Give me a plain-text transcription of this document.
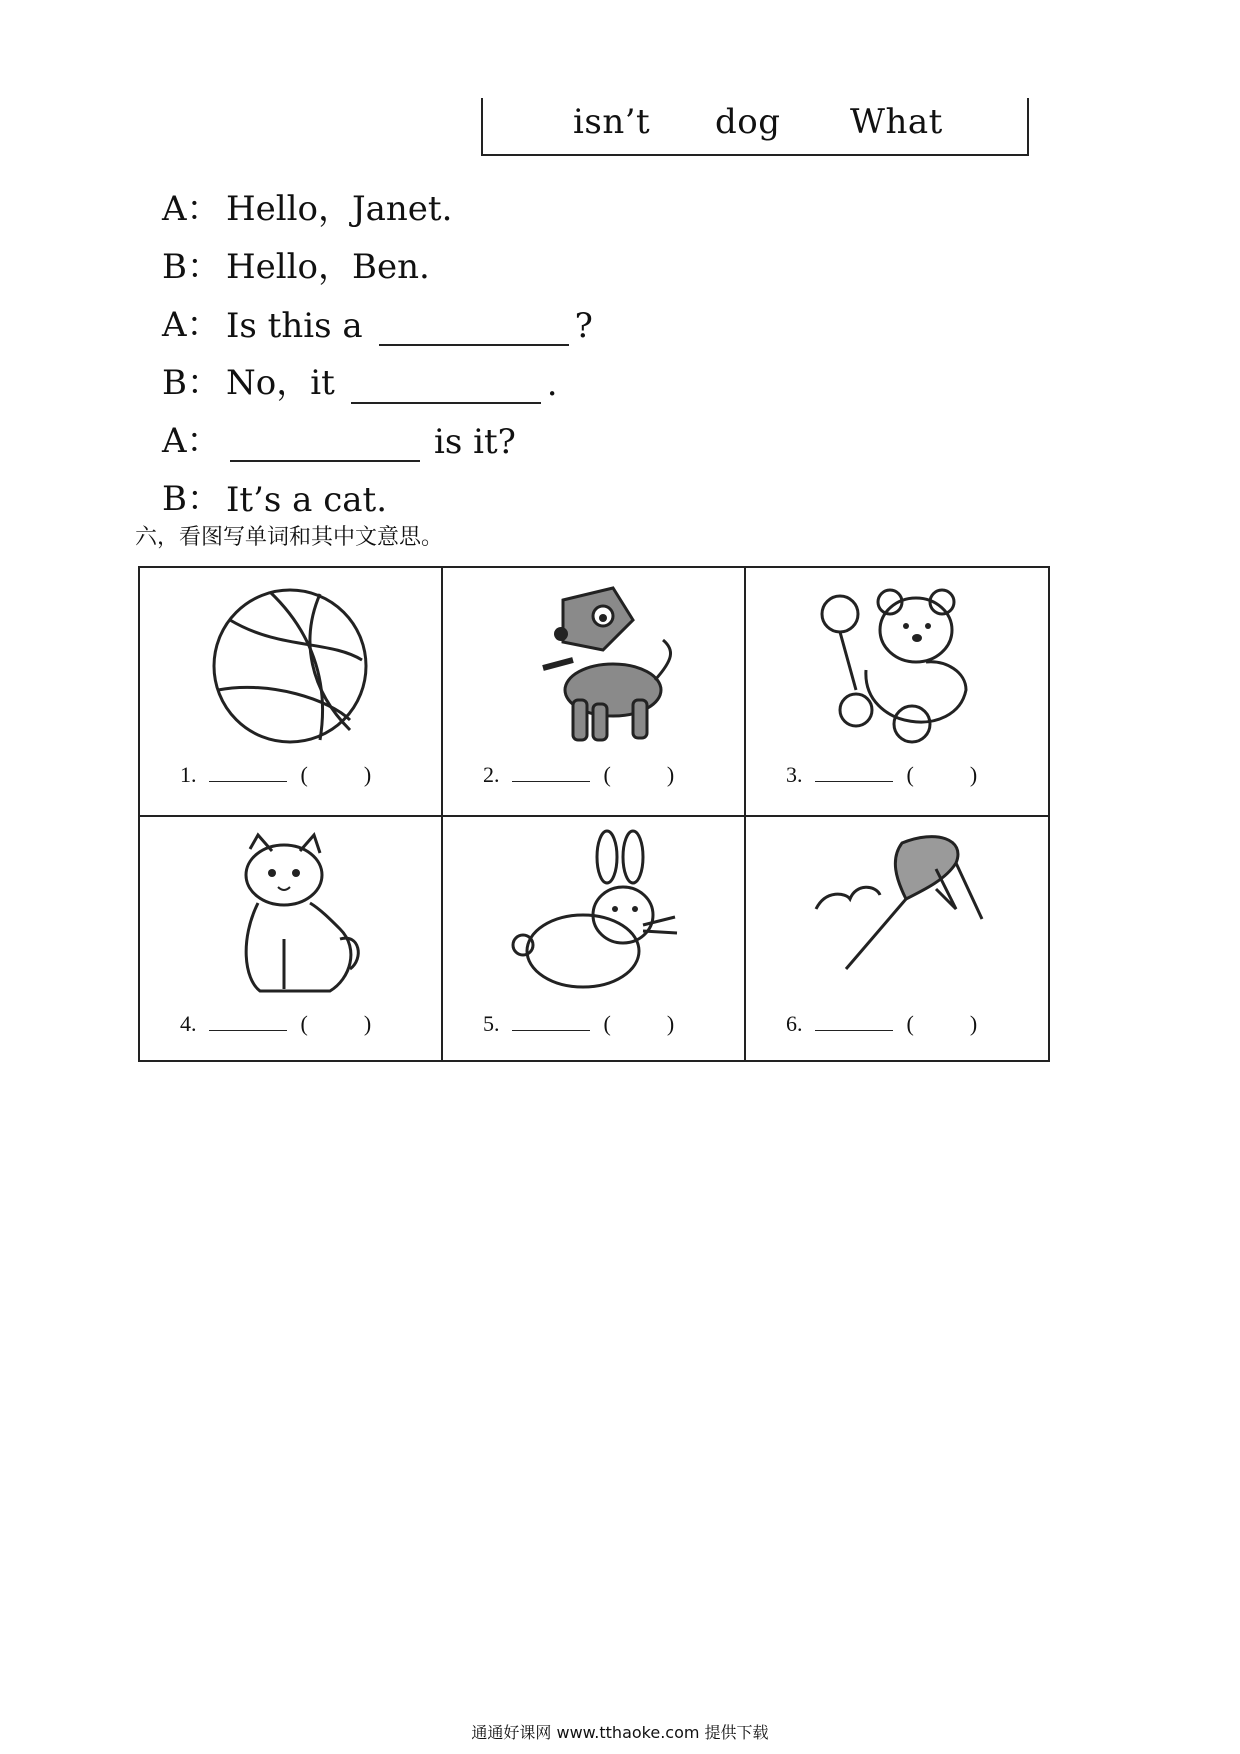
isn’t dog What
A： Hello，Janet.
B： Hello，Ben.
A： Is this a	?
B： No，it	.
A：	is it?
B： It’s a cat.
六，看图写单词和其中文意思。
1.	(	)	2.	(	)	3.	(	)
4.	(	)	5.	(	)	6.	(	)
通通好课网 www.tthaoke.com 提供下载
